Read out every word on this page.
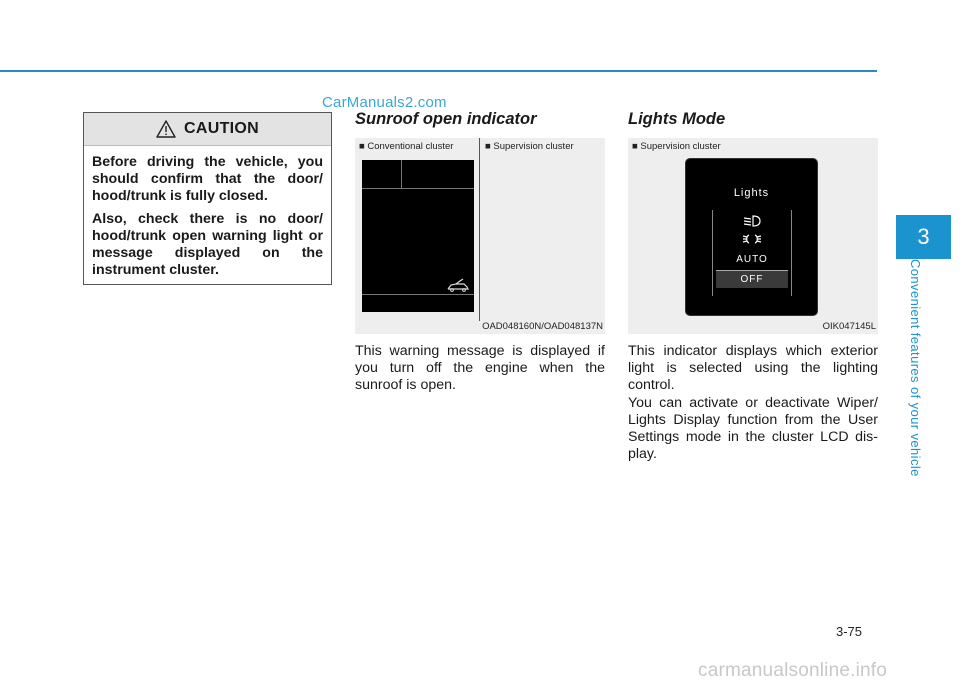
CarManuals2.com
CAUTION

Before driving the vehicle, you should confirm that the door/ hood/trunk is fully closed.

Also, check there is no door/ hood/trunk open warning light or message displayed on the instrument cluster.

Sunroof open indicator
■ Conventional cluster	■ Supervision cluster
OAD048160N/OAD048137N
This warning message is displayed if you turn off the engine when the sunroof is open.
Lights Mode
■ Supervision cluster
Lights
AUTO
OFF
OIK047145L
This indicator displays which exterior light is selected using the lighting control.
You can activate or deactivate Wiper/ Lights Display function from the User Settings mode in the cluster LCD dis- play.
3
Convenient features of your vehicle
3-75
carmanualsonline.info
